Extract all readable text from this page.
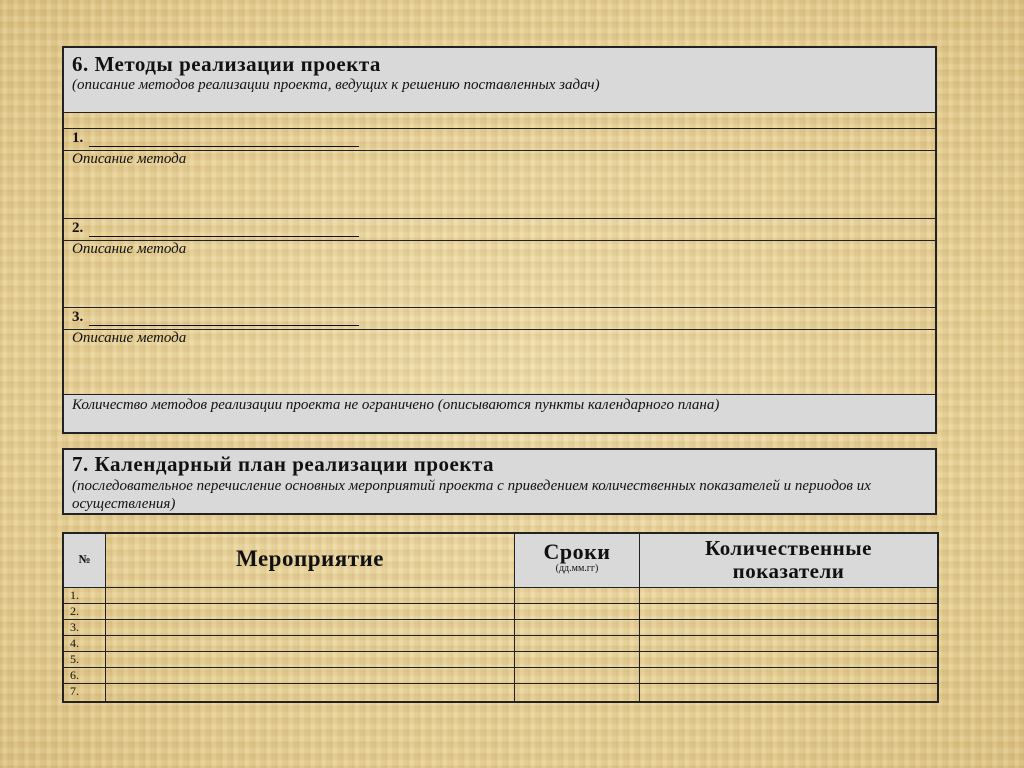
6. Методы реализации проекта
(описание методов реализации проекта, ведущих к решению поставленных задач)
1.
Описание метода
2.
Описание метода
3.
Описание метода
Количество методов реализации проекта не ограничено (описываются пункты календарного плана)
7. Календарный план реализации проекта
(последовательное перечисление основных мероприятий проекта с приведением количественных показателей и периодов их осуществления)
№	Мероприятие	Сроки
(дд.мм.гг)
Количественные
показатели
1.
2.
3.
4.
5.
6.
7.
